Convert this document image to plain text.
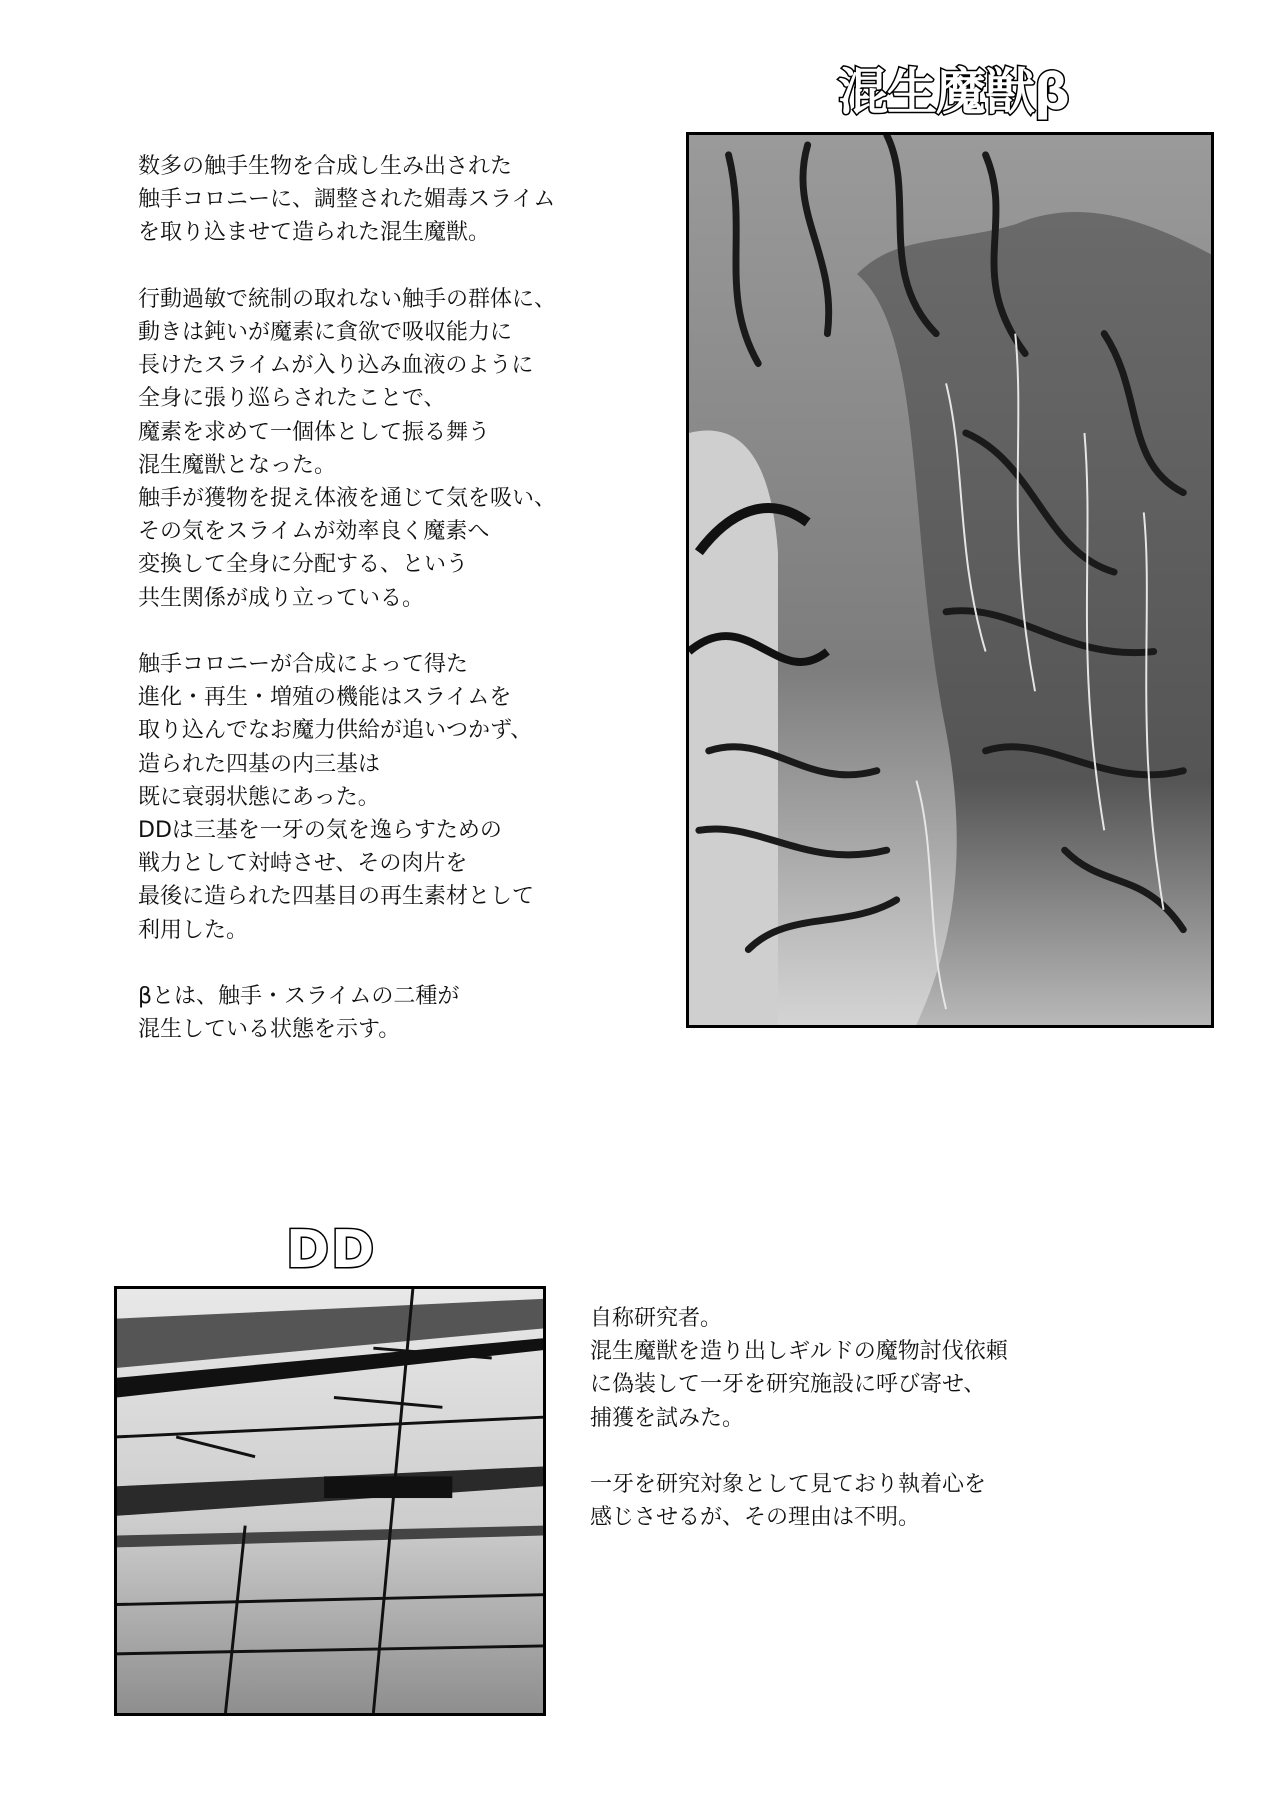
混生魔獣β

数多の触手生物を合成し生み出された

触手コロニーに、調整された媚毒スライム

を取り込ませて造られた混生魔獣。

行動過敏で統制の取れない触手の群体に、

動きは鈍いが魔素に貪欲で吸収能力に

長けたスライムが入り込み血液のように

全身に張り巡らされたことで、

魔素を求めて一個体として振る舞う

混生魔獣となった。

触手が獲物を捉え体液を通じて気を吸い、

その気をスライムが効率良く魔素へ

変換して全身に分配する、という

共生関係が成り立っている。

触手コロニーが合成によって得た

進化・再生・増殖の機能はスライムを

取り込んでなお魔力供給が追いつかず、

造られた四基の内三基は

既に衰弱状態にあった。

DDは三基を一牙の気を逸らすための

戦力として対峙させ、その肉片を

最後に造られた四基目の再生素材として

利用した。

βとは、触手・スライムの二種が

混生している状態を示す。

DD

自称研究者。

混生魔獣を造り出しギルドの魔物討伐依頼

に偽装して一牙を研究施設に呼び寄せ、

捕獲を試みた。

一牙を研究対象として見ており執着心を

感じさせるが、その理由は不明。
